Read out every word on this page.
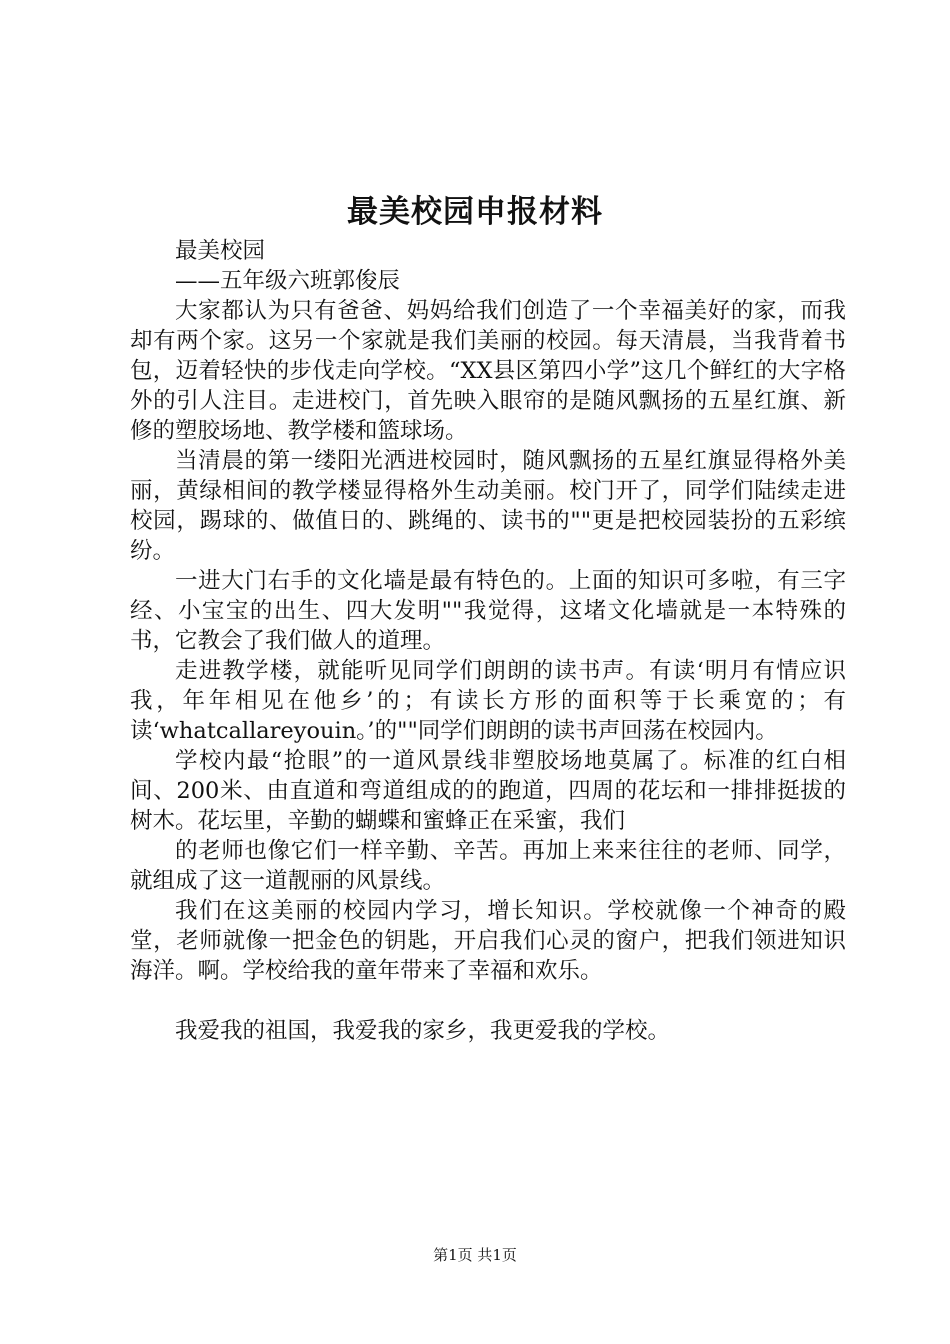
最美校园申报材料

最美校园

——五年级六班郭俊辰

大家都认为只有爸爸、妈妈给我们创造了一个幸福美好的家，而我却有两个家。这另一个家就是我们美丽的校园。每天清晨，当我背着书包，迈着轻快的步伐走向学校。“XX县区第四小学”这几个鲜红的大字格外的引人注目。走进校门，首先映入眼帘的是随风飘扬的五星红旗、新修的塑胶场地、教学楼和篮球场。

当清晨的第一缕阳光洒进校园时，随风飘扬的五星红旗显得格外美丽，黄绿相间的教学楼显得格外生动美丽。校门开了，同学们陆续走进校园，踢球的、做值日的、跳绳的、读书的""更是把校园装扮的五彩缤纷。

一进大门右手的文化墙是最有特色的。上面的知识可多啦，有三字经、小宝宝的出生、四大发明""我觉得，这堵文化墙就是一本特殊的书，它教会了我们做人的道理。

走进教学楼，就能听见同学们朗朗的读书声。有读‘明月有情应识我，年年相见在他乡’的；有读长方形的面积等于长乘宽的；有读‘whatcallareyouin。’的""同学们朗朗的读书声回荡在校园内。

学校内最“抢眼”的一道风景线非塑胶场地莫属了。标准的红白相间、200米、由直道和弯道组成的的跑道，四周的花坛和一排排挺拔的树木。花坛里，辛勤的蝴蝶和蜜蜂正在采蜜，我们

的老师也像它们一样辛勤、辛苦。再加上来来往往的老师、同学，就组成了这一道靓丽的风景线。

我们在这美丽的校园内学习，增长知识。学校就像一个神奇的殿堂，老师就像一把金色的钥匙，开启我们心灵的窗户，把我们领进知识海洋。啊。学校给我的童年带来了幸福和欢乐。

我爱我的祖国，我爱我的家乡，我更爱我的学校。

第1页 共1页
